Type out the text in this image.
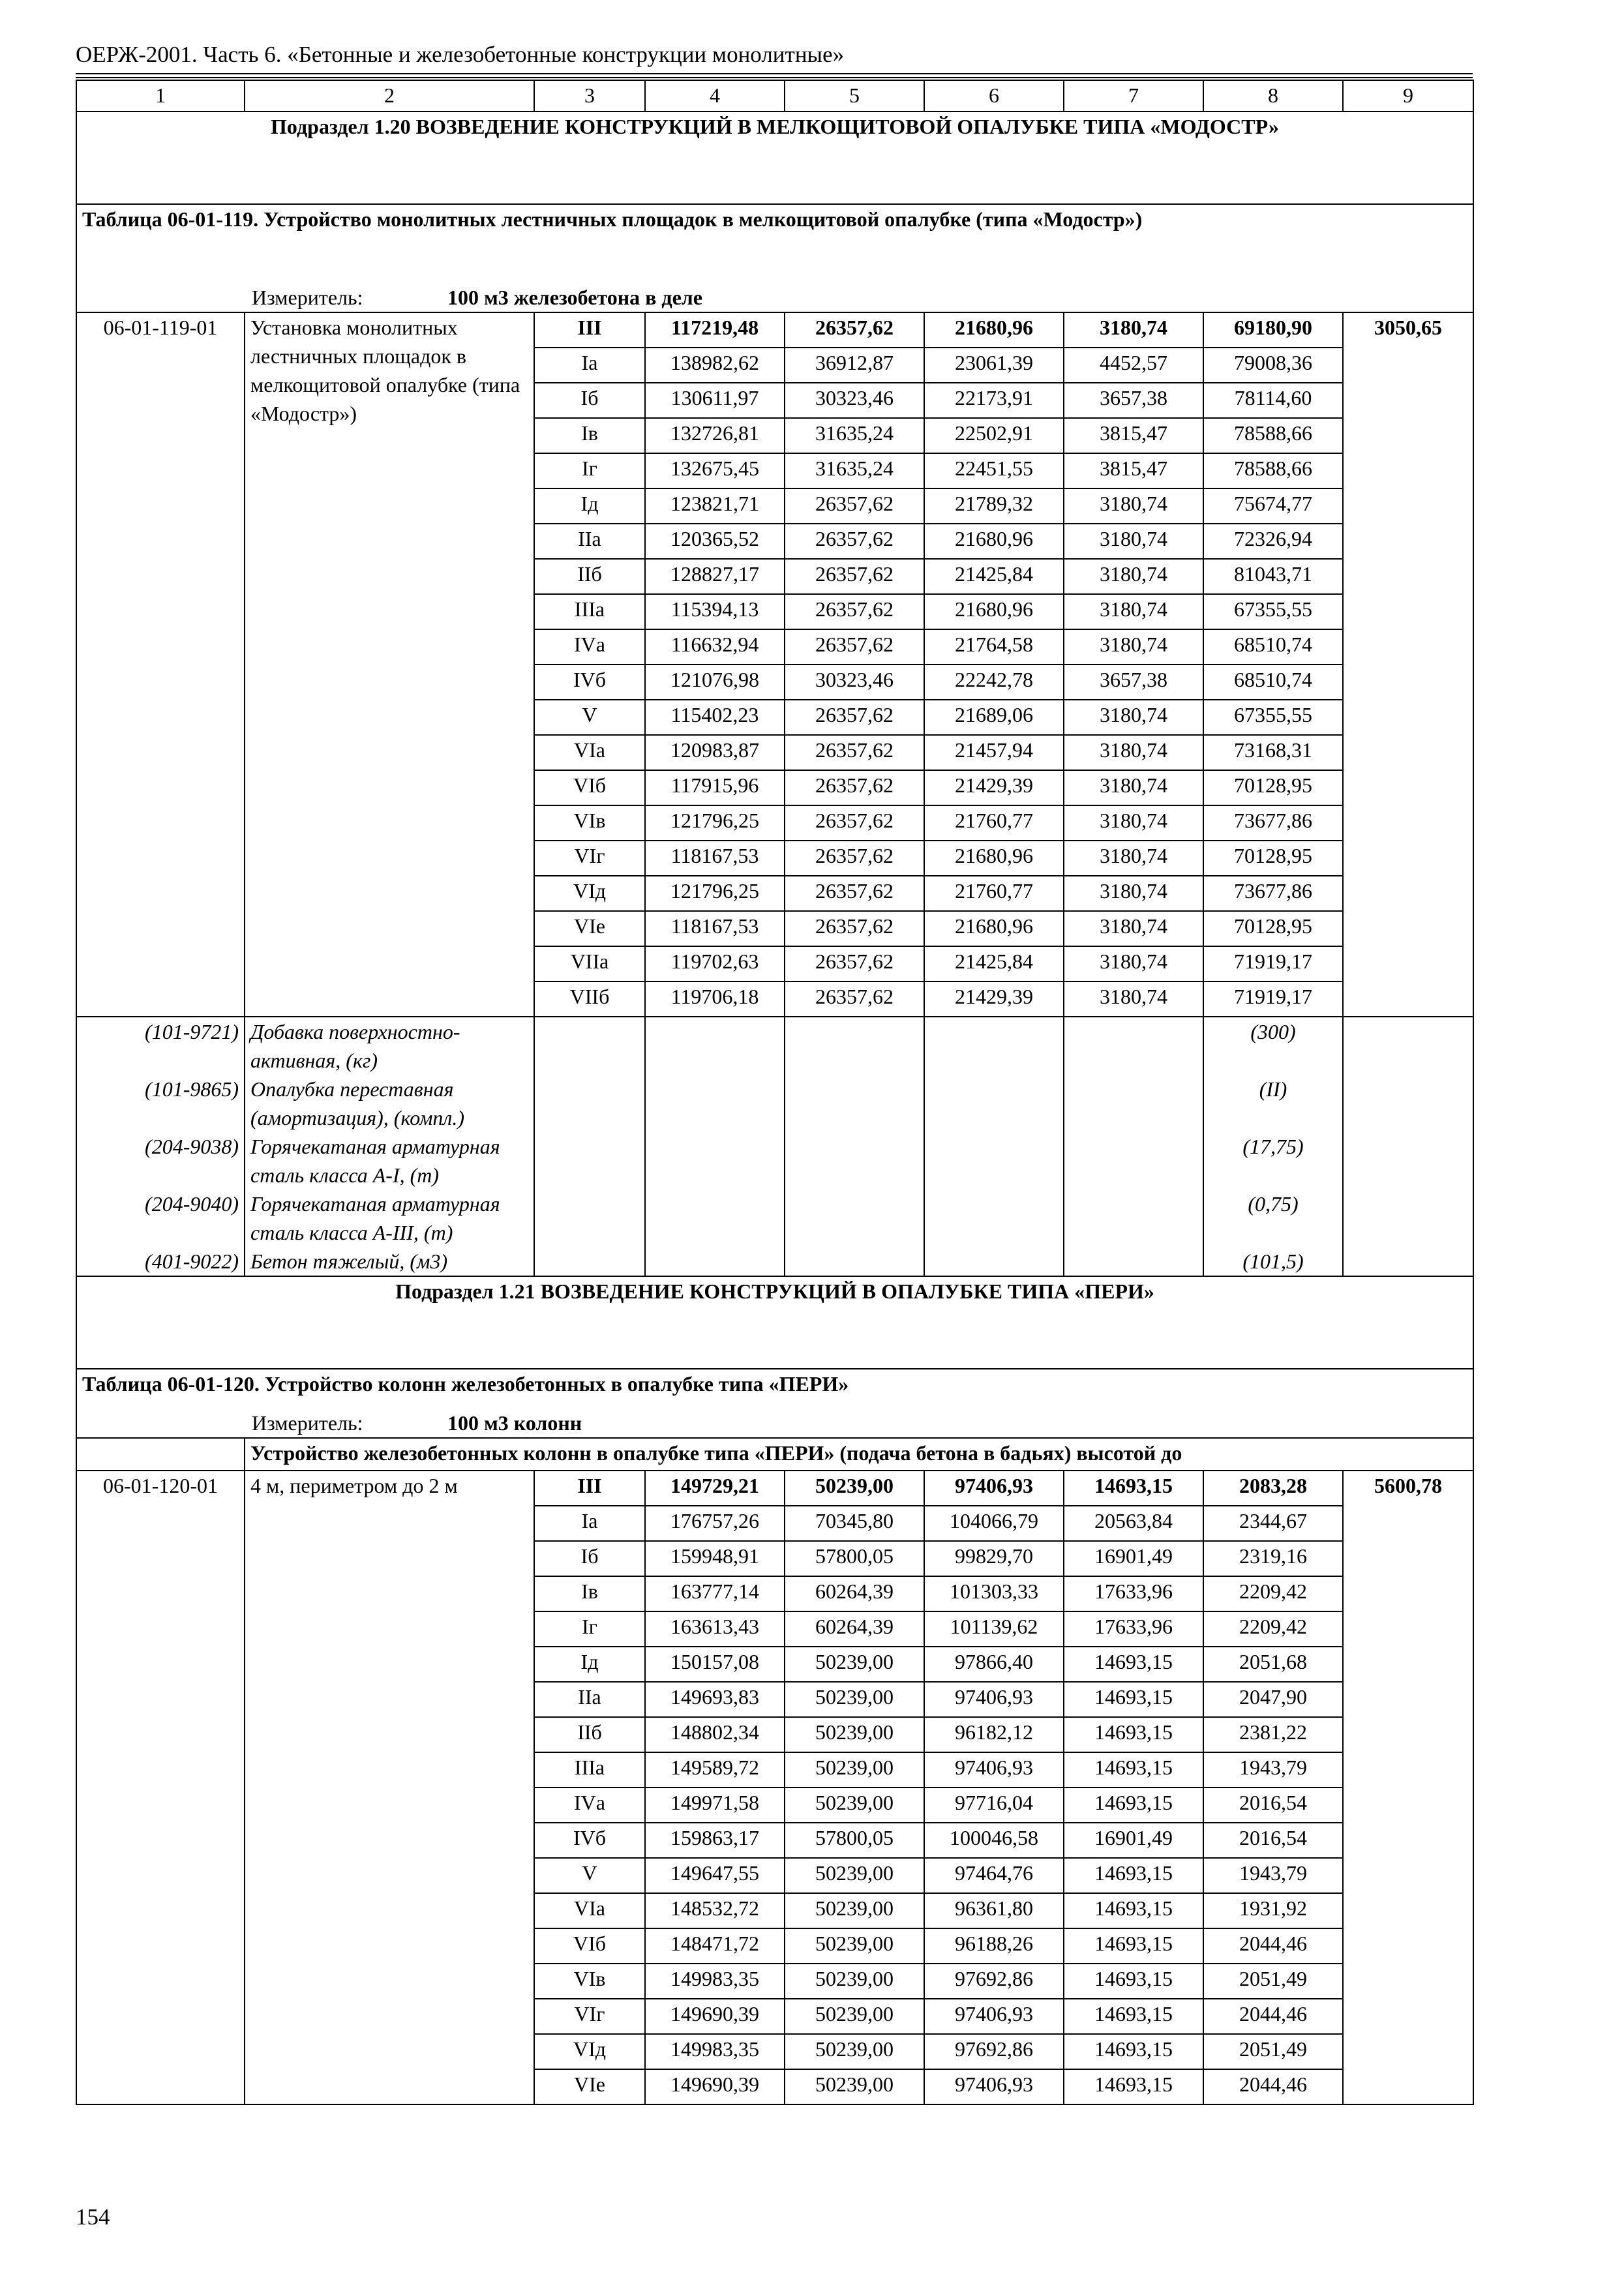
ОЕРЖ-2001. Часть 6. «Бетонные и железобетонные конструкции монолитные»
1	2	3	4	5	6	7	8	9
Подраздел 1.20 ВОЗВЕДЕНИЕ КОНСТРУКЦИЙ В МЕЛКОЩИТОВОЙ ОПАЛУБКЕ ТИПА «МОДОСТР»								
Таблица 06-01-119. Устройство монолитных лестничных площадок в мелкощитовой опалубке (типа «Модостр»)								
Измеритель: 100 м3 железобетона в деле								
06-01-119-01	Установка монолитных лестничных площадок в мелкощитовой опалубке (типа «Модостр»)	III	117219,48	26357,62	21680,96	3180,74	69180,90	3050,65
		Iа	138982,62	36912,87	23061,39	4452,57	79008,36	
		Iб	130611,97	30323,46	22173,91	3657,38	78114,60	
		Iв	132726,81	31635,24	22502,91	3815,47	78588,66	
		Iг	132675,45	31635,24	22451,55	3815,47	78588,66	
		Iд	123821,71	26357,62	21789,32	3180,74	75674,77	
		IIа	120365,52	26357,62	21680,96	3180,74	72326,94	
		IIб	128827,17	26357,62	21425,84	3180,74	81043,71	
		IIIа	115394,13	26357,62	21680,96	3180,74	67355,55	
		IVа	116632,94	26357,62	21764,58	3180,74	68510,74	
		IVб	121076,98	30323,46	22242,78	3657,38	68510,74	
		V	115402,23	26357,62	21689,06	3180,74	67355,55	
		VIа	120983,87	26357,62	21457,94	3180,74	73168,31	
		VIб	117915,96	26357,62	21429,39	3180,74	70128,95	
		VIв	121796,25	26357,62	21760,77	3180,74	73677,86	
		VIг	118167,53	26357,62	21680,96	3180,74	70128,95	
		VIд	121796,25	26357,62	21760,77	3180,74	73677,86	
		VIе	118167,53	26357,62	21680,96	3180,74	70128,95	
		VIIа	119702,63	26357,62	21425,84	3180,74	71919,17	
		VIIб	119706,18	26357,62	21429,39	3180,74	71919,17	
(101-9721)	Добавка поверхностно-активная, (кг)						(300)	
(101-9865)	Опалубка переставная (амортизация), (компл.)						(II)	
(204-9038)	Горячекатаная арматурная сталь класса А-I, (т)						(17,75)	
(204-9040)	Горячекатаная арматурная сталь класса А-III, (т)						(0,75)	
(401-9022)	Бетон тяжелый, (м3)						(101,5)	
Подраздел 1.21 ВОЗВЕДЕНИЕ КОНСТРУКЦИЙ В ОПАЛУБКЕ ТИПА «ПЕРИ»								
Таблица 06-01-120. Устройство колонн железобетонных в опалубке типа «ПЕРИ»								
Измеритель: 100 м3 колонн								
	Устройство железобетонных колонн в опалубке типа «ПЕРИ» (подача бетона в бадьях) высотой до							
06-01-120-01	4 м, периметром до 2 м	III	149729,21	50239,00	97406,93	14693,15	2083,28	5600,78
		Iа	176757,26	70345,80	104066,79	20563,84	2344,67	
		Iб	159948,91	57800,05	99829,70	16901,49	2319,16	
		Iв	163777,14	60264,39	101303,33	17633,96	2209,42	
		Iг	163613,43	60264,39	101139,62	17633,96	2209,42	
		Iд	150157,08	50239,00	97866,40	14693,15	2051,68	
		IIа	149693,83	50239,00	97406,93	14693,15	2047,90	
		IIб	148802,34	50239,00	96182,12	14693,15	2381,22	
		IIIа	149589,72	50239,00	97406,93	14693,15	1943,79	
		IVа	149971,58	50239,00	97716,04	14693,15	2016,54	
		IVб	159863,17	57800,05	100046,58	16901,49	2016,54	
		V	149647,55	50239,00	97464,76	14693,15	1943,79	
		VIа	148532,72	50239,00	96361,80	14693,15	1931,92	
		VIб	148471,72	50239,00	96188,26	14693,15	2044,46	
		VIв	149983,35	50239,00	97692,86	14693,15	2051,49	
		VIг	149690,39	50239,00	97406,93	14693,15	2044,46	
		VIд	149983,35	50239,00	97692,86	14693,15	2051,49	
		VIе	149690,39	50239,00	97406,93	14693,15	2044,46	
154
